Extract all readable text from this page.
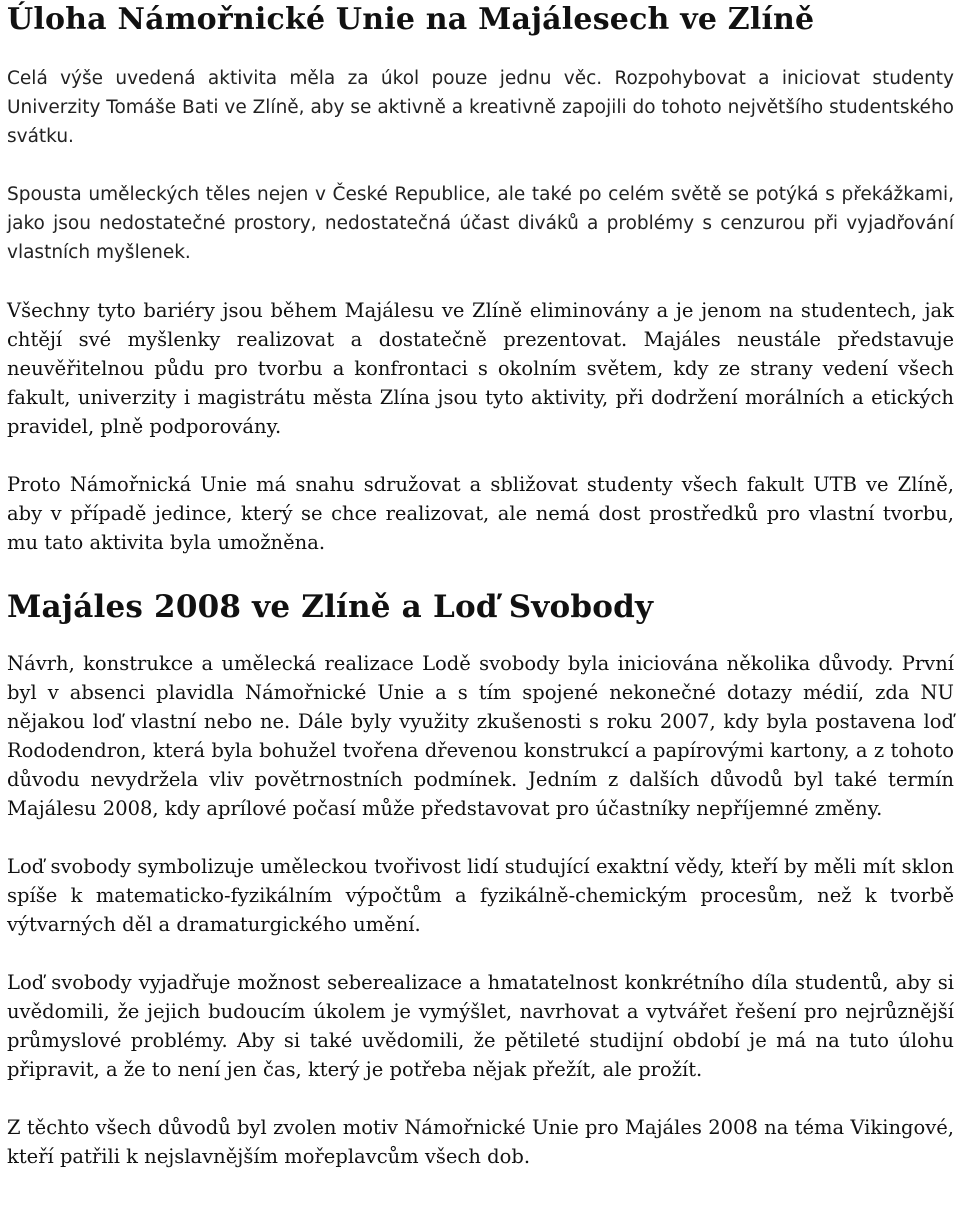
Úloha Námořnické Unie na Majálesech ve Zlíně

Celá výše uvedená aktivita měla za úkol pouze jednu věc. Rozpohybovat a iniciovat studenty Univerzity Tomáše Bati ve Zlíně, aby se aktivně a kreativně zapojili do tohoto největšího studentského svátku.

Spousta uměleckých těles nejen v České Republice, ale také po celém světě se potýká s překážkami, jako jsou nedostatečné prostory, nedostatečná účast diváků a problémy s cenzurou při vyjadřování vlastních myšlenek.

Všechny tyto bariéry jsou během Majálesu ve Zlíně eliminovány a je jenom na studentech, jak chtějí své myšlenky realizovat a dostatečně prezentovat. Majáles neustále představuje neuvěřitelnou půdu pro tvorbu a konfrontaci s okolním světem, kdy ze strany vedení všech fakult, univerzity i magistrátu města Zlína jsou tyto aktivity, při dodržení morálních a etických pravidel, plně podporovány.

Proto Námořnická Unie má snahu sdružovat a sbližovat studenty všech fakult UTB ve Zlíně, aby v případě jedince, který se chce realizovat, ale nemá dost prostředků pro vlastní tvorbu, mu tato aktivita byla umožněna.

Majáles 2008 ve Zlíně a Loď Svobody

Návrh, konstrukce a umělecká realizace Lodě svobody byla iniciována několika důvody. První byl v absenci plavidla Námořnické Unie a s tím spojené nekonečné dotazy médií, zda NU nějakou loď vlastní nebo ne. Dále byly využity zkušenosti s roku 2007, kdy byla postavena loď Rododendron, která byla bohužel tvořena dřevenou konstrukcí a papírovými kartony, a z tohoto důvodu nevydržela vliv povětrnostních podmínek. Jedním z dalších důvodů byl také termín Majálesu 2008, kdy aprílové počasí může představovat pro účastníky nepříjemné změny.

Loď svobody symbolizuje uměleckou tvořivost lidí studující exaktní vědy, kteří by měli mít sklon spíše k matematicko-fyzikálním výpočtům a fyzikálně-chemickým procesům, než k tvorbě výtvarných děl a dramaturgického umění.

Loď svobody vyjadřuje možnost seberealizace a hmatatelnost konkrétního díla studentů, aby si uvědomili, že jejich budoucím úkolem je vymýšlet, navrhovat a vytvářet řešení pro nejrůznější průmyslové problémy. Aby si také uvědomili, že pětileté studijní období je má na tuto úlohu připravit, a že to není jen čas, který je potřeba nějak přežít, ale prožít.

Z těchto všech důvodů byl zvolen motiv Námořnické Unie pro Majáles 2008 na téma Vikingové, kteří patřili k nejslavnějším mořeplavcům všech dob.
